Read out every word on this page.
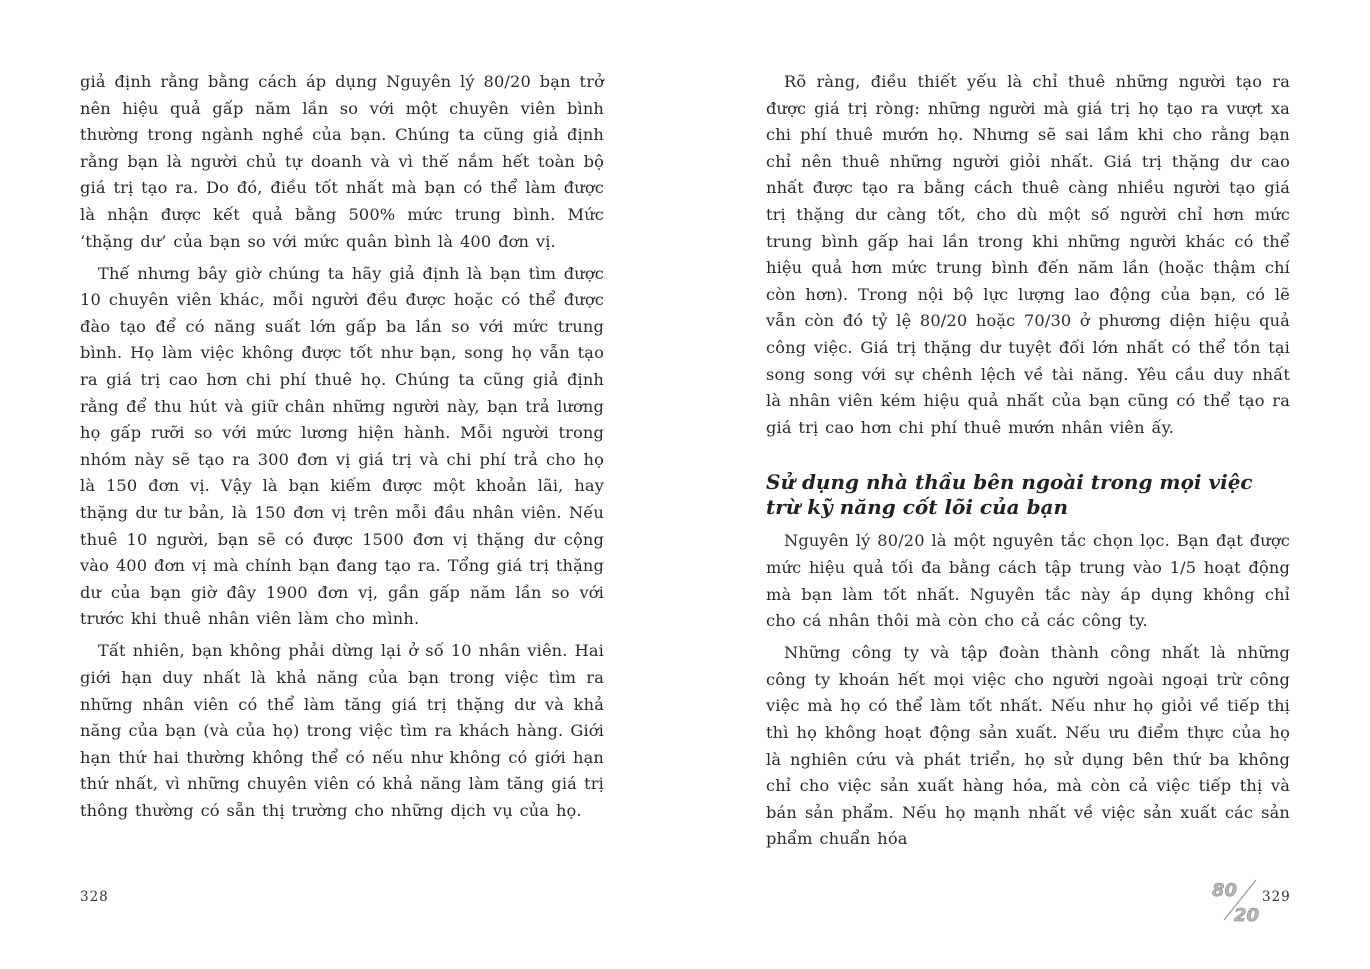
giả định rằng bằng cách áp dụng Nguyên lý 80/20 bạn trở nên hiệu quả gấp năm lần so với một chuyên viên bình thường trong ngành nghề của bạn. Chúng ta cũng giả định rằng bạn là người chủ tự doanh và vì thế nắm hết toàn bộ giá trị tạo ra. Do đó, điều tốt nhất mà bạn có thể làm được là nhận được kết quả bằng 500% mức trung bình. Mức ‘thặng dư’ của bạn so với mức quân bình là 400 đơn vị.

Thế nhưng bây giờ chúng ta hãy giả định là bạn tìm được 10 chuyên viên khác, mỗi người đều được hoặc có thể được đào tạo để có năng suất lớn gấp ba lần so với mức trung bình. Họ làm việc không được tốt như bạn, song họ vẫn tạo ra giá trị cao hơn chi phí thuê họ. Chúng ta cũng giả định rằng để thu hút và giữ chân những người này, bạn trả lương họ gấp rưỡi so với mức lương hiện hành. Mỗi người trong nhóm này sẽ tạo ra 300 đơn vị giá trị và chi phí trả cho họ là 150 đơn vị. Vậy là bạn kiếm được một khoản lãi, hay thặng dư tư bản, là 150 đơn vị trên mỗi đầu nhân viên. Nếu thuê 10 người, bạn sẽ có được 1500 đơn vị thặng dư cộng vào 400 đơn vị mà chính bạn đang tạo ra. Tổng giá trị thặng dư của bạn giờ đây 1900 đơn vị, gần gấp năm lần so với trước khi thuê nhân viên làm cho mình.

Tất nhiên, bạn không phải dừng lại ở số 10 nhân viên. Hai giới hạn duy nhất là khả năng của bạn trong việc tìm ra những nhân viên có thể làm tăng giá trị thặng dư và khả năng của bạn (và của họ) trong việc tìm ra khách hàng. Giới hạn thứ hai thường không thể có nếu như không có giới hạn thứ nhất, vì những chuyên viên có khả năng làm tăng giá trị thông thường có sẵn thị trường cho những dịch vụ của họ.

328

Rõ ràng, điều thiết yếu là chỉ thuê những người tạo ra được giá trị ròng: những người mà giá trị họ tạo ra vượt xa chi phí thuê mướn họ. Nhưng sẽ sai lầm khi cho rằng bạn chỉ nên thuê những người giỏi nhất. Giá trị thặng dư cao nhất được tạo ra bằng cách thuê càng nhiều người tạo giá trị thặng dư càng tốt, cho dù một số người chỉ hơn mức trung bình gấp hai lần trong khi những người khác có thể hiệu quả hơn mức trung bình đến năm lần (hoặc thậm chí còn hơn). Trong nội bộ lực lượng lao động của bạn, có lẽ vẫn còn đó tỷ lệ 80/20 hoặc 70/30 ở phương diện hiệu quả công việc. Giá trị thặng dư tuyệt đối lớn nhất có thể tồn tại song song với sự chênh lệch về tài năng. Yêu cầu duy nhất là nhân viên kém hiệu quả nhất của bạn cũng có thể tạo ra giá trị cao hơn chi phí thuê mướn nhân viên ấy.

Sử dụng nhà thầu bên ngoài trong mọi việc trừ kỹ năng cốt lõi của bạn

Nguyên lý 80/20 là một nguyên tắc chọn lọc. Bạn đạt được mức hiệu quả tối đa bằng cách tập trung vào 1/5 hoạt động mà bạn làm tốt nhất. Nguyên tắc này áp dụng không chỉ cho cá nhân thôi mà còn cho cả các công ty.

Những công ty và tập đoàn thành công nhất là những công ty khoán hết mọi việc cho người ngoài ngoại trừ công việc mà họ có thể làm tốt nhất. Nếu như họ giỏi về tiếp thị thì họ không hoạt động sản xuất. Nếu ưu điểm thực của họ là nghiên cứu và phát triển, họ sử dụng bên thứ ba không chỉ cho việc sản xuất hàng hóa, mà còn cả việc tiếp thị và bán sản phẩm. Nếu họ mạnh nhất về việc sản xuất các sản phẩm chuẩn hóa

80
20
329
